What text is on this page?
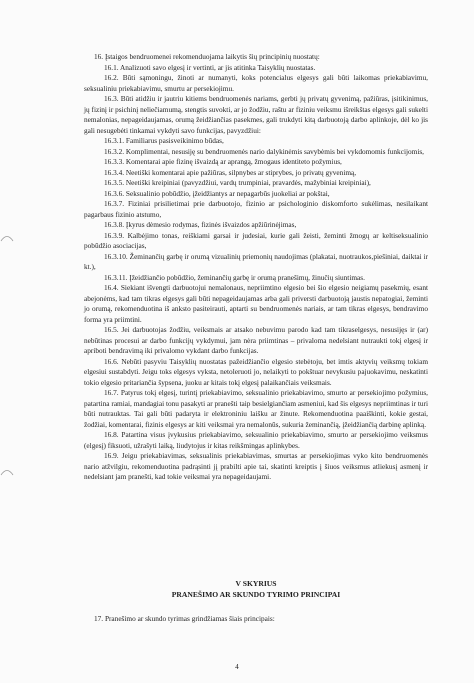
16. Įstaigos bendruomenei rekomenduojama laikytis šių principinių nuostatų:

16.1. Analizuoti savo elgesį ir vertinti, ar jis atitinka Taisyklių nuostatas.

16.2. Būti sąmoningu, žinoti ar numanyti, koks potencialus elgesys gali būti laikomas priekabiavimu, seksualiniu priekabiavimu, smurtu ar persekiojimu.

16.3. Būti atidžiu ir jautriu kitiems bendruomenės nariams, gerbti jų privatų gyvenimą, pažiūras, įsitikinimus, jų fizinį ir psichinį neliečiamumą, stengtis suvokti, ar jo žodžiu, raštu ar fiziniu veiksmu išreikštas elgesys gali sukelti nemalonias, nepageidaujamas, orumą žeidžiančias pasekmes, gali trukdyti kitą darbuotoją darbo aplinkoje, dėl ko jis gali nesugebėti tinkamai vykdyti savo funkcijas, pavyzdžiui:

16.3.1. Familiarus pasisveikinimo būdas,

16.3.2. Komplimentai, nesusiję su bendruomenės nario dalykinėmis savybėmis bei vykdomomis funkcijomis,

16.3.3. Komentarai apie fizinę išvaizdą ar aprangą, žmogaus identiteto požymius,

16.3.4. Neetiški komentarai apie pažiūras, silpnybes ar stiprybes, jo privatų gyvenimą,

16.3.5. Neetiški kreipiniai (pavyzdžiui, vardų trumpiniai, pravardės, mažybiniai kreipiniai),

16.3.6. Seksualinio pobūdžio, įžeidžiantys ar nepagarbūs juokeliai ar pokštai,

16.3.7. Fiziniai prisilietimai prie darbuotojo, fizinio ar psichologinio diskomforto sukėlimas, nesilaikant pagarbaus fizinio atstumo,

16.3.8. Įkyrus dėmesio rodymas, fizinės išvaizdos apžiūrinėjimas,

16.3.9. Kalbėjimo tonas, reiškiami garsai ir judesiai, kurie gali žeisti, žeminti žmogų ar keltiseksualinio pobūdžio asociacijas,

16.3.10. Žeminančių garbę ir orumą vizualinių priemonių naudojimas (plakatai, nuotraukos,piešiniai, daiktai ir kt.),

16.3.11. Įžeidžiančio pobūdžio, žeminančių garbę ir orumą pranešimų, žinučių siuntimas.

16.4. Siekiant išvengti darbuotojui nemalonaus, nepriimtino elgesio bei šio elgesio neigiamų pasekmių, esant abejonėms, kad tam tikras elgesys gali būti nepageidaujamas arba gali priversti darbuotoją jaustis nepatogiai, žeminti jo orumą, rekomenduotina iš anksto pasiteirauti, aptarti su bendruomenės nariais, ar tam tikras elgesys, bendravimo forma yra priimtini.

16.5. Jei darbuotojas žodžiu, veiksmais ar atsako nebuvimu parodo kad tam tikraselgesys, nesusijęs ir (ar) nebūtinas procesui ar darbo funkcijų vykdymui, jam nėra priimtinas – privaloma nedelsiant nutraukti tokį elgesį ir apriboti bendravimą iki privalomo vykdant darbo funkcijas.

16.6. Nebūti pasyviu Taisyklių nuostatas pažeidžiančio elgesio stebėtoju, bet imtis aktyvių veiksmų tokiam elgesiui sustabdyti. Jeigu toks elgesys vyksta, netoleruoti jo, nelaikyti to pokštuar nevykusiu pajuokavimu, neskatinti tokio elgesio pritariančia šypsena, juoku ar kitais tokį elgesį palaikančiais veiksmais.

16.7. Patyrus tokį elgesį, turintį priekabiavimo, seksualinio priekabiavimo, smurto ar persekiojimo požymius, patartina ramiai, mandagiai tonu pasakyti ar pranešti taip besielgiančiam asmeniui, kad šis elgesys nepriimtinas ir turi būti nutrauktas. Tai gali būti padaryta ir elektroniniu laišku ar žinute. Rekomenduotina paaiškinti, kokie gestai, žodžiai, komentarai, fizinis elgesys ar kiti veiksmai yra nemalonūs, sukuria žeminančią, įžeidžiančią darbinę aplinką.

16.8. Patartina visus įvykusius priekabiavimo, seksualinio priekabiavimo, smurto ar persekiojimo veiksmus (elgesį) fiksuoti, užrašyti laiką, liudytojus ir kitas reikšmingas aplinkybes.

16.9. Jeigu priekabiavimas, seksualinis priekabiavimas, smurtas ar persekiojimas vyko kito bendruomenės nario atžvilgiu, rekomenduotina padrąsinti jį prabilti apie tai, skatinti kreiptis į šiuos veiksmus atliekusį asmenį ir nedelsiant jam pranešti, kad tokie veiksmai yra nepageidaujami.

V SKYRIUS
PRANEŠIMO AR SKUNDO TYRIMO PRINCIPAI
17. Pranešimo ar skundo tyrimas grindžiamas šiais principais:
4
